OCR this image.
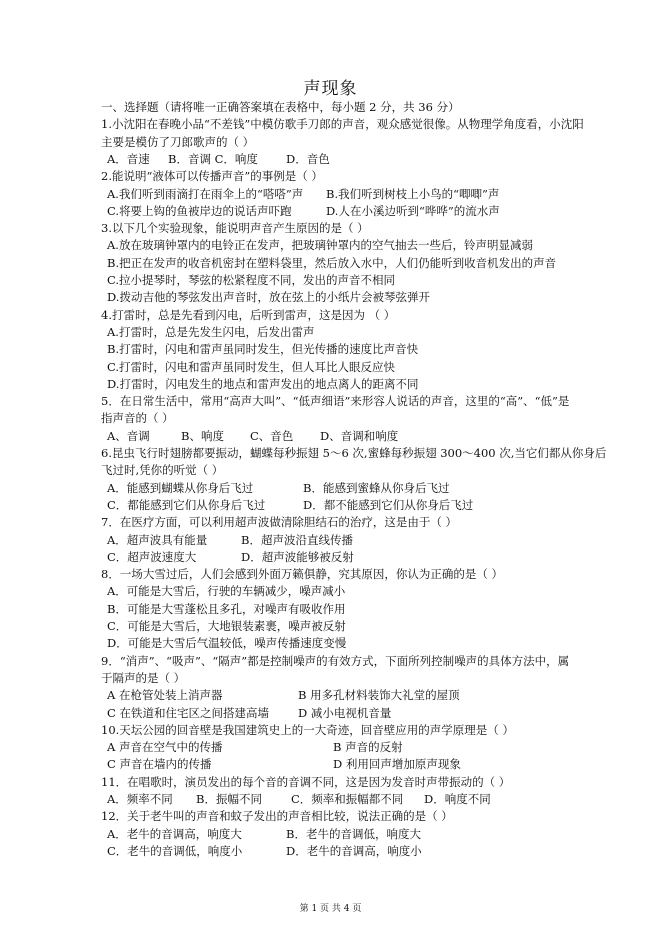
声现象
一、选择题（请将唯一正确答案填在表格中，每小题 2 分，共 36 分）
1.小沈阳在春晚小品“不差钱”中模仿歌手刀郎的声音，观众感觉很像。从物理学角度看，小沈阳
主要是模仿了刀郎歌声的（ ）
A．音速 B．音调 C．响度 D．音色
2.能说明“液体可以传播声音”的事例是（ ）
A.我们听到雨滴打在雨伞上的“嗒嗒”声 B.我们听到树枝上小鸟的“唧唧”声
C.将要上钩的鱼被岸边的说话声吓跑	D.人在小溪边听到“哗哗”的流水声
3.以下几个实验现象，能说明声音产生原因的是（ ）
A.放在玻璃钟罩内的电铃正在发声，把玻璃钟罩内的空气抽去一些后，铃声明显减弱
B.把正在发声的收音机密封在塑料袋里，然后放入水中，人们仍能听到收音机发出的声音
C.拉小提琴时，琴弦的松紧程度不同，发出的声音不相同
D.拨动吉他的琴弦发出声音时，放在弦上的小纸片会被琴弦弹开
4.打雷时，总是先看到闪电，后听到雷声，这是因为 （ ）
A.打雷时，总是先发生闪电，后发出雷声
B.打雷时，闪电和雷声虽同时发生，但光传播的速度比声音快
C.打雷时，闪电和雷声虽同时发生，但人耳比人眼反应快
D.打雷时，闪电发生的地点和雷声发出的地点离人的距离不同
5．在日常生活中，常用“高声大叫”、“低声细语”来形容人说话的声音，这里的“高”、“低”是
指声音的（ ）
A、音调	B、响度 C、音色 D、音调和响度
6.昆虫飞行时翅膀都要振动，蝴蝶每秒振翅 5～6 次,蜜蜂每秒振翅 300～400 次,当它们都从你身后
飞过时,凭你的听觉（ ）
A．能感到蝴蝶从你身后飞过	B．能感到蜜蜂从你身后飞过
C．都能感到它们从你身后飞过	D．都不能感到它们从你身后飞过
7．在医疗方面，可以利用超声波做清除胆结石的治疗，这是由于（ ）
A．超声波具有能量	B．超声波沿直线传播
C．超声波速度大	D．超声波能够被反射
8．一场大雪过后，人们会感到外面万籁俱静，究其原因，你认为正确的是（ ）
A．可能是大雪后，行驶的车辆减少，噪声减小
B．可能是大雪蓬松且多孔，对噪声有吸收作用
C．可能是大雪后，大地银装素裹，噪声被反射
D．可能是大雪后气温较低，噪声传播速度变慢
9．“消声”、“吸声”、“隔声”都是控制噪声的有效方式，下面所列控制噪声的具体方法中，属
于隔声的是（ ）
A 在枪管处装上消声器	B 用多孔材料装饰大礼堂的屋顶
C 在铁道和住宅区之间搭建高墙	D 减小电视机音量
10.天坛公园的回音壁是我国建筑史上的一大奇迹，回音壁应用的声学原理是（ ）
A 声音在空气中的传播	B 声音的反射
C 声音在墙内的传播	D 利用回声增加原声现象
11．在唱歌时，演员发出的每个音的音调不同，这是因为发音时声带振动的（ ）
A．频率不同 B．振幅不同	C．频率和振幅都不同 D．响度不同
12．关于老牛叫的声音和蚊子发出的声音相比较，说法正确的是（ ）
A．老牛的音调高，响度大	B．老牛的音调低，响度大
C．老牛的音调低，响度小	D．老牛的音调高，响度小
第 1 页 共 4 页
